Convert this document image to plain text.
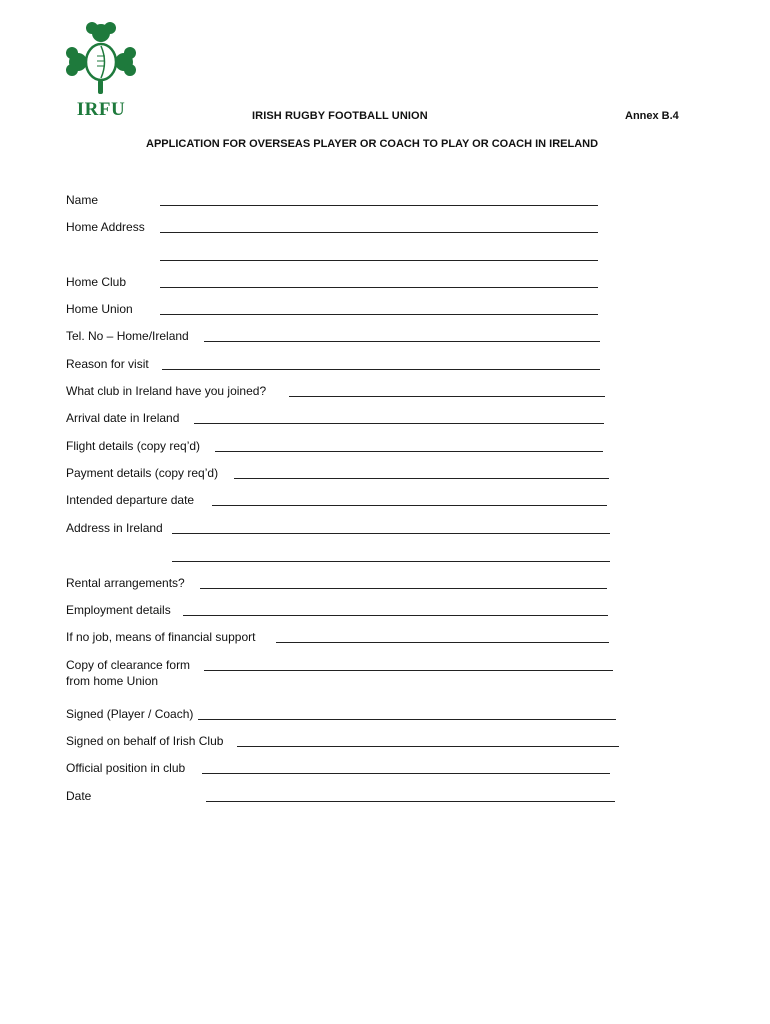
IRFU	IRISH RUGBY FOOTBALL UNION	Annex B.4
APPLICATION FOR OVERSEAS PLAYER OR COACH TO PLAY OR COACH IN IRELAND
Name
Home Address
Home Club
Home Union
Tel. No – Home/Ireland
Reason for visit
What club in Ireland have you joined?
Arrival date in Ireland
Flight details (copy req’d)
Payment details (copy req’d)
Intended departure date
Address in Ireland
Rental arrangements?
Employment details
If no job, means of financial support
Copy of clearance form
from home Union
Signed (Player / Coach)
Signed on behalf of Irish Club
Official position in club
Date
